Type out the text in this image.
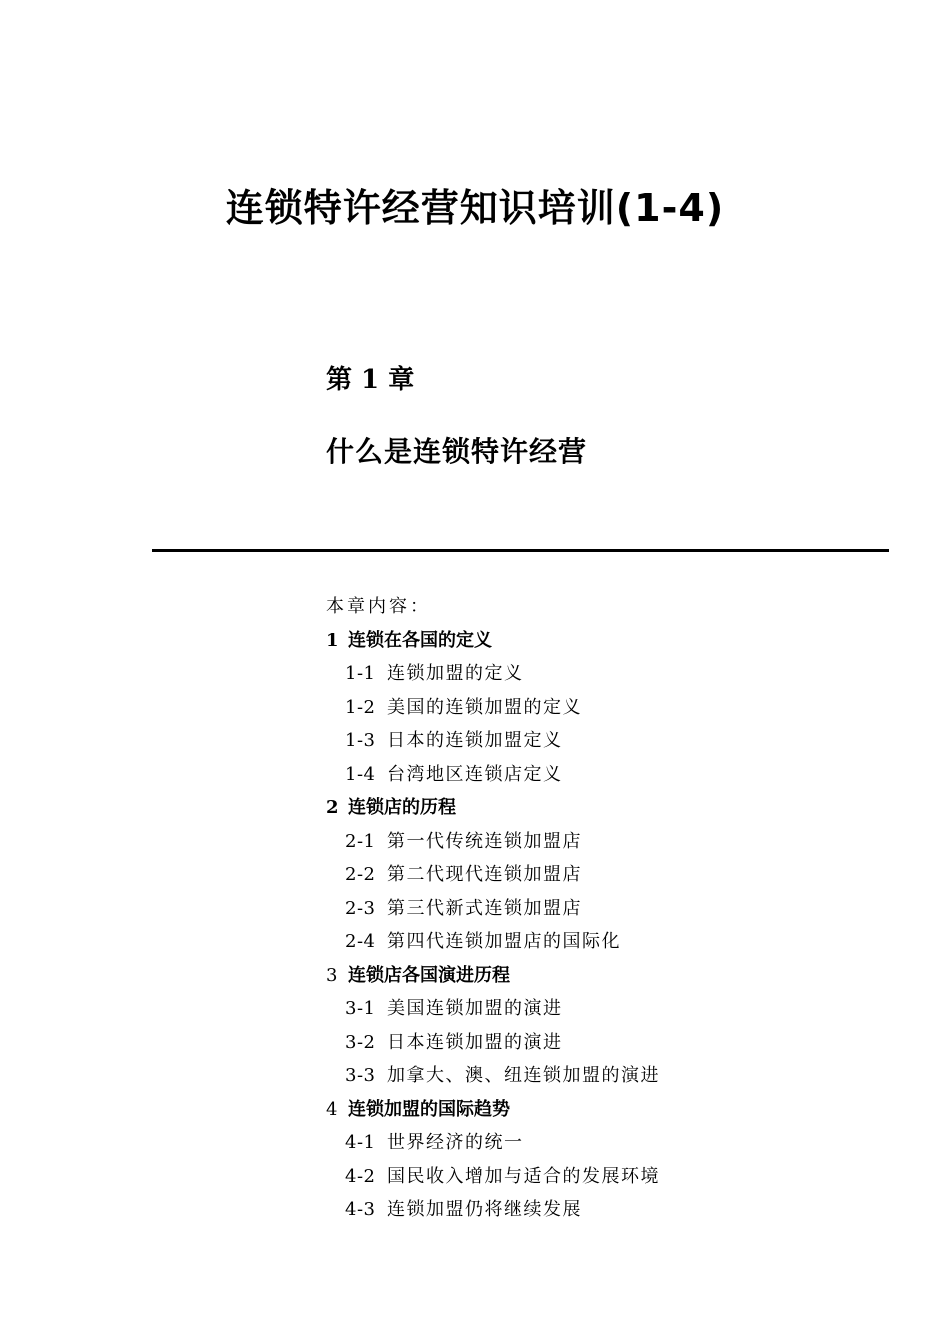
连锁特许经营知识培训(1-4)
第 1 章
什么是连锁特许经营
本章内容：
1 连锁在各国的定义
1-1 连锁加盟的定义
1-2 美国的连锁加盟的定义
1-3 日本的连锁加盟定义
1-4 台湾地区连锁店定义
2 连锁店的历程
2-1 第一代传统连锁加盟店
2-2 第二代现代连锁加盟店
2-3 第三代新式连锁加盟店
2-4 第四代连锁加盟店的国际化
3 连锁店各国演进历程
3-1 美国连锁加盟的演进
3-2 日本连锁加盟的演进
3-3 加拿大、澳、纽连锁加盟的演进
4 连锁加盟的国际趋势
4-1 世界经济的统一
4-2 国民收入增加与适合的发展环境
4-3 连锁加盟仍将继续发展
